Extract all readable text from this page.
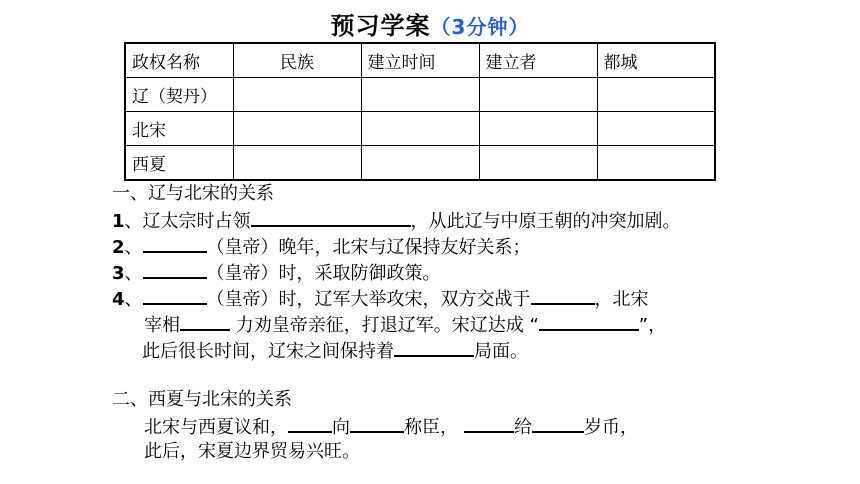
预习学案（3分钟）
政权名称	民族	建立时间	建立者	都城
辽（契丹）				
北宋				
西夏				
一、辽与北宋的关系
1、辽太宗时占领	，从此辽与中原王朝的冲突加剧。
2、	（皇帝）晚年，北宋与辽保持友好关系；
3、	（皇帝）时，采取防御政策。
4、	（皇帝）时，辽军大举攻宋，双方交战于	，北宋
宰相	力劝皇帝亲征，打退辽军。宋辽达成 “	”，
此后很长时间，辽宋之间保持着	局面。
二、西夏与北宋的关系
北宋与西夏议和， 向	称臣，	给	岁币，
此后，宋夏边界贸易兴旺。
